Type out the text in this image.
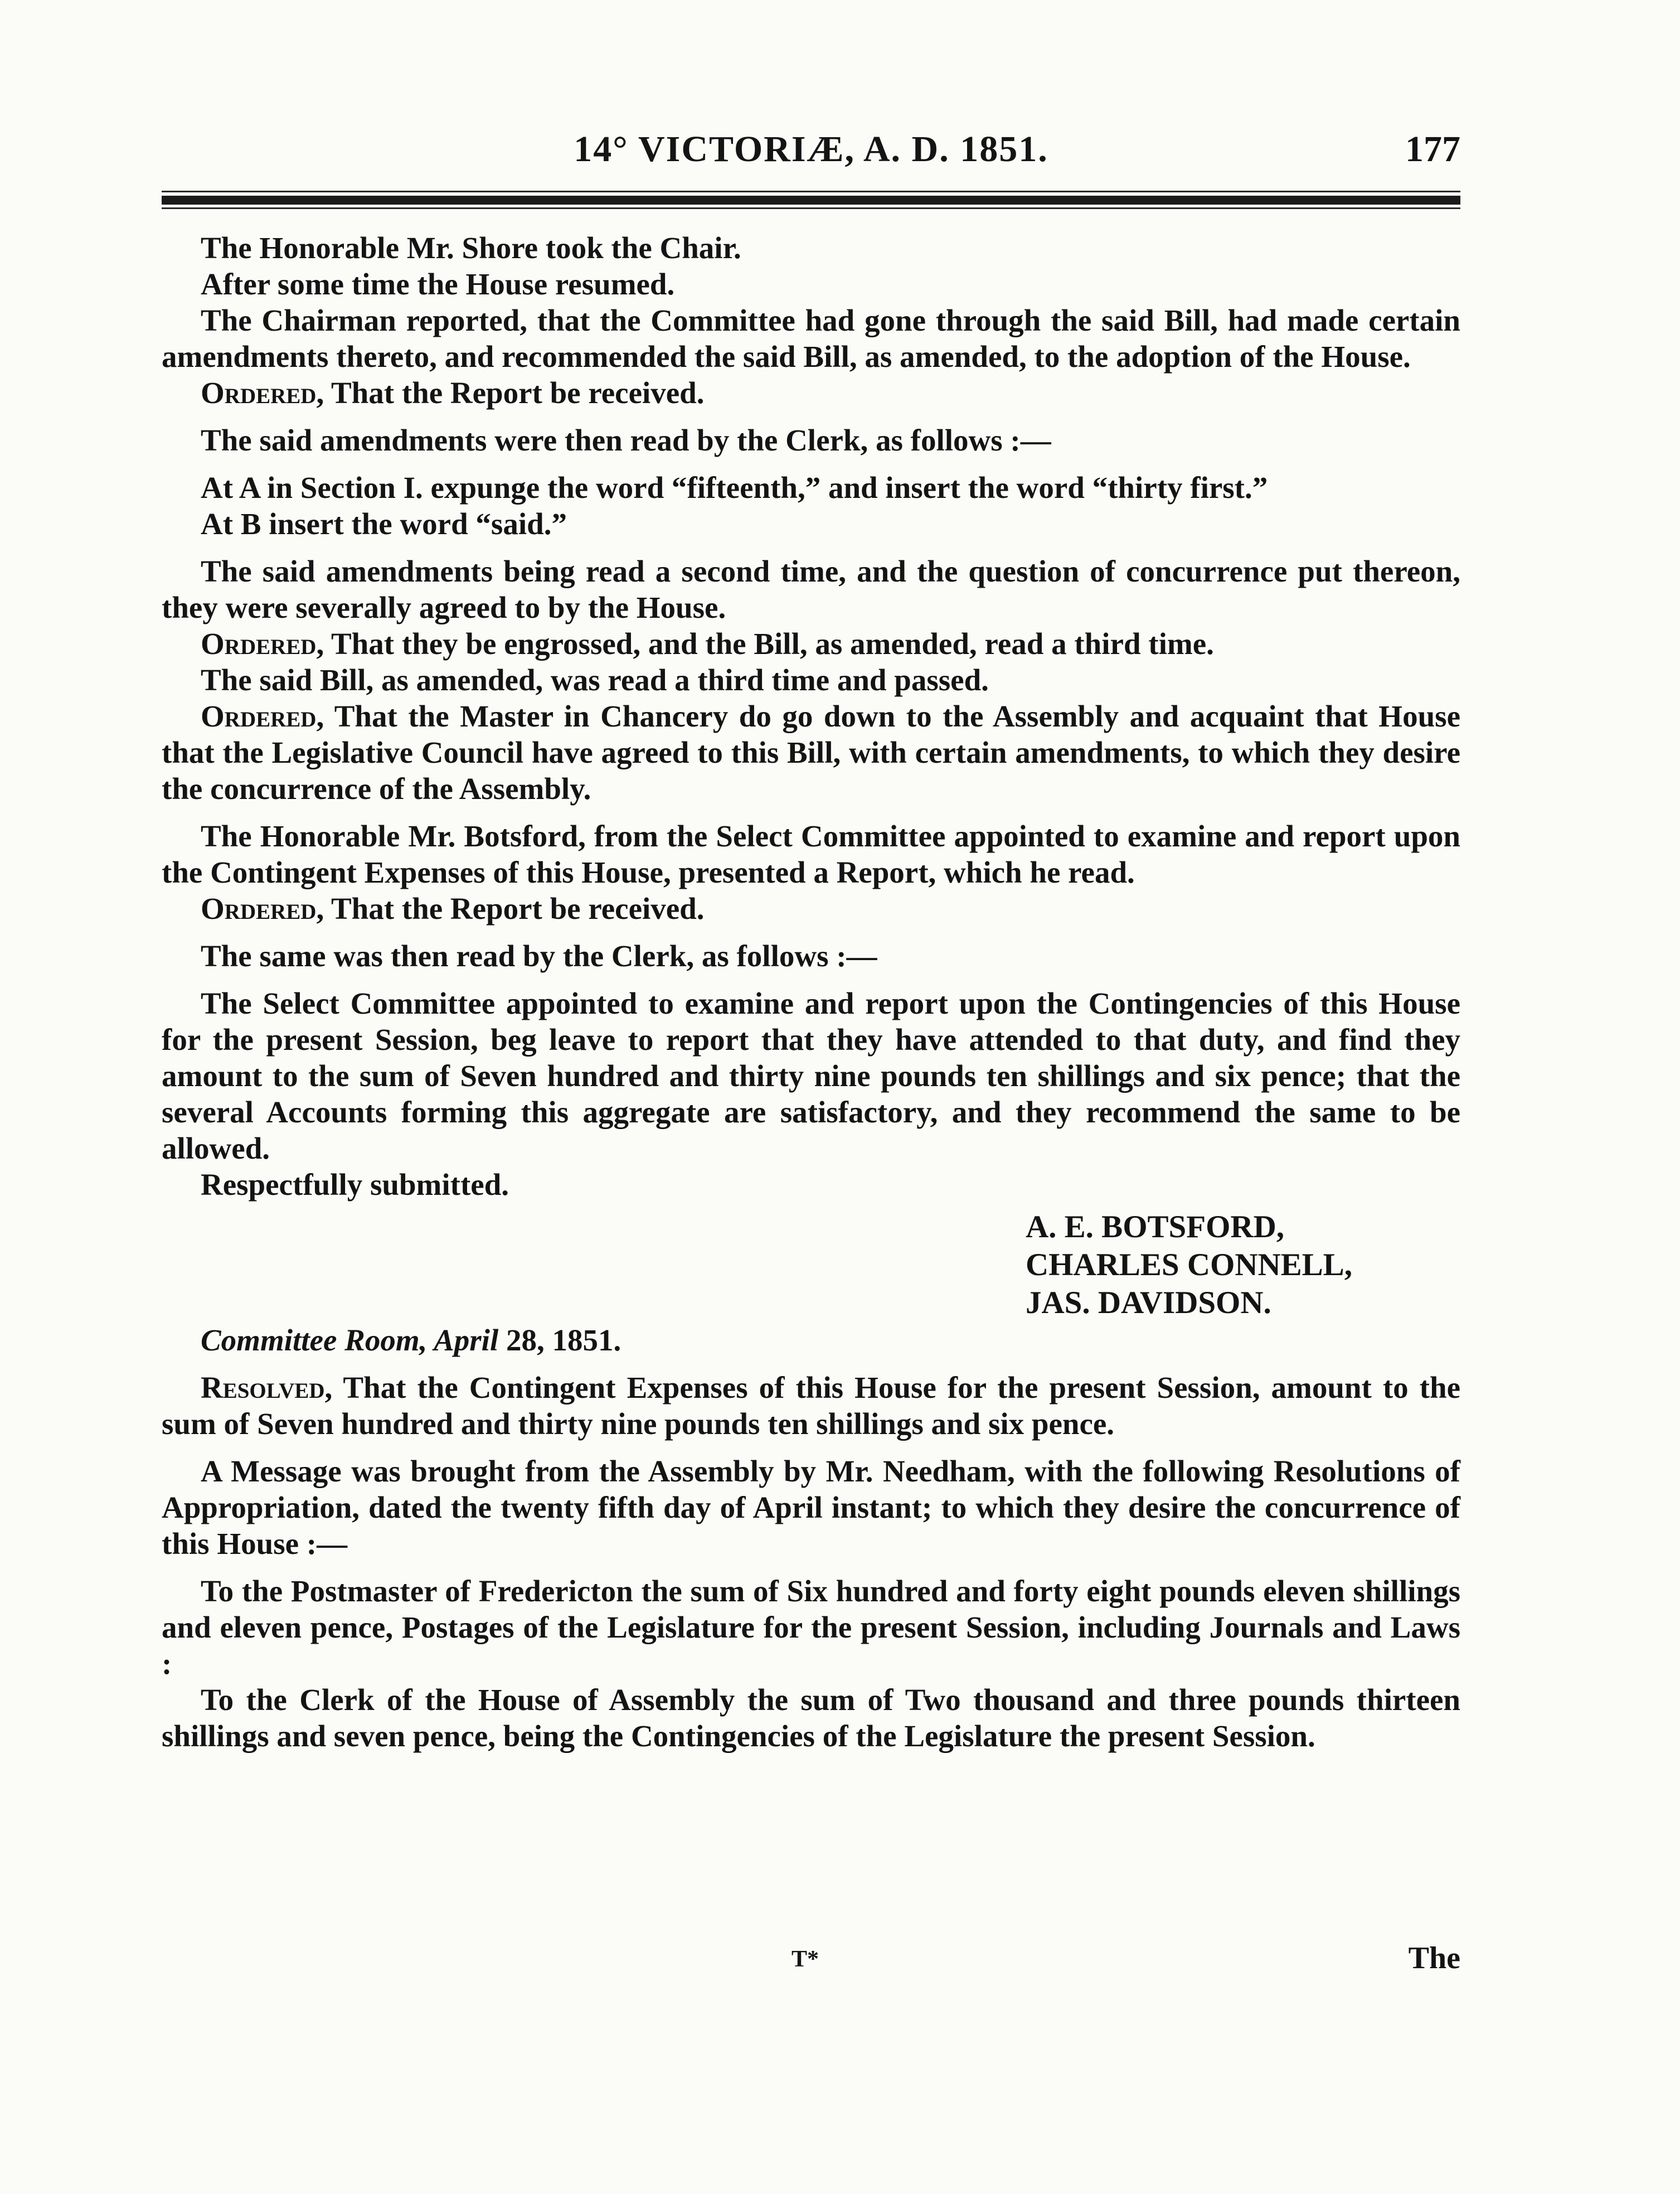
14° VICTORIÆ, A. D. 1851.	177

The Honorable Mr. Shore took the Chair.

After some time the House resumed.

The Chairman reported, that the Committee had gone through the said Bill, had made certain amendments thereto, and recommended the said Bill, as amended, to the adoption of the House.

Ordered, That the Report be received.

The said amendments were then read by the Clerk, as follows :—

At A in Section I. expunge the word “fifteenth,” and insert the word “thirty first.”

At B insert the word “said.”

The said amendments being read a second time, and the question of concurrence put thereon, they were severally agreed to by the House.

Ordered, That they be engrossed, and the Bill, as amended, read a third time.

The said Bill, as amended, was read a third time and passed.

Ordered, That the Master in Chancery do go down to the Assembly and acquaint that House that the Legislative Council have agreed to this Bill, with certain amendments, to which they desire the concurrence of the Assembly.

The Honorable Mr. Botsford, from the Select Committee appointed to examine and report upon the Contingent Expenses of this House, presented a Report, which he read.

Ordered, That the Report be received.

The same was then read by the Clerk, as follows :—

The Select Committee appointed to examine and report upon the Contingencies of this House for the present Session, beg leave to report that they have attended to that duty, and find they amount to the sum of Seven hundred and thirty nine pounds ten shillings and six pence; that the several Accounts forming this aggregate are satisfactory, and they recommend the same to be allowed.

Respectfully submitted.

A. E. BOTSFORD,
CHARLES CONNELL,
JAS. DAVIDSON.

Committee Room, April 28, 1851.

Resolved, That the Contingent Expenses of this House for the present Session, amount to the sum of Seven hundred and thirty nine pounds ten shillings and six pence.

A Message was brought from the Assembly by Mr. Needham, with the following Resolutions of Appropriation, dated the twenty fifth day of April instant; to which they desire the concurrence of this House :—

To the Postmaster of Fredericton the sum of Six hundred and forty eight pounds eleven shillings and eleven pence, Postages of the Legislature for the present Session, including Journals and Laws :

To the Clerk of the House of Assembly the sum of Two thousand and three pounds thirteen shillings and seven pence, being the Contingencies of the Legislature the present Session.

T*	The
